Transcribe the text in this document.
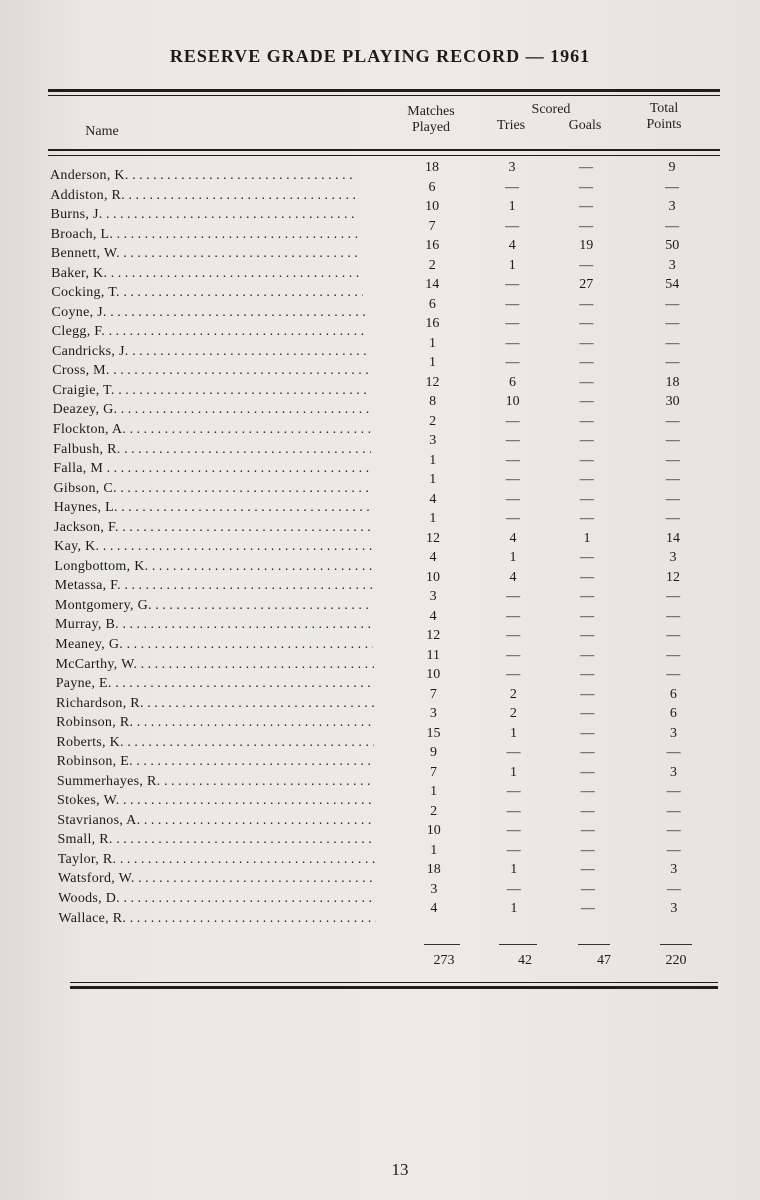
RESERVE GRADE PLAYING RECORD — 1961
Name
Matches
Played
Scored
Tries	Goals
Total
Points
Anderson, K. . . .
18	3	—	9
Addiston, R. . . .
6	—	—	—
Burns, J. . . .
10	1	—	3
Broach, L. . . .
7	—	—	—
Bennett, W. . . .
16	4	19	50
Baker, K. . . .
2	1	—	3
Cocking, T. . . .
14	—	27	54
Coyne, J. . . .
6	—	—	—
Clegg, F. . . .
16	—	—	—
Candricks, J. . . .
1	—	—	—
Cross, M. . . .
1	—	—	—
Craigie, T. . . .
12	6	—	18
Deazey, G. . . .
8	10	—	30
Flockton, A. . . .
2	—	—	—
Falbush, R. . . .
3	—	—	—
Falla, M . . .
1	—	—	—
Gibson, C. . . .
1	—	—	—
Haynes, L. . . .
4	—	—	—
Jackson, F. . . .
1	—	—	—
Kay, K. . . .
12	4	1	14
Longbottom, K. . . .
4	1	—	3
Metassa, F. . . .
10	4	—	12
Montgomery, G. . . .
3	—	—	—
Murray, B. . . .
4	—	—	—
Meaney, G. . . .
12	—	—	—
McCarthy, W. . . .
11	—	—	—
Payne, E. . . .
10	—	—	—
Richardson, R. . . .
7	2	—	6
Robinson, R. . . .
3	2	—	6
Roberts, K. . . .
15	1	—	3
Robinson, E. . . .
9	—	—	—
Summerhayes, R. . . .
7	1	—	3
Stokes, W. . . .
1	—	—	—
Stavrianos, A. . . .
2	—	—	—
Small, R. . . .
10	—	—	—
Taylor, R. . . .
1	—	—	—
Watsford, W. . . .
18	1	—	3
Woods, D. . . .
3	—	—	—
Wallace, R. . . .
4	1	—	3
273	42	47	220
13
